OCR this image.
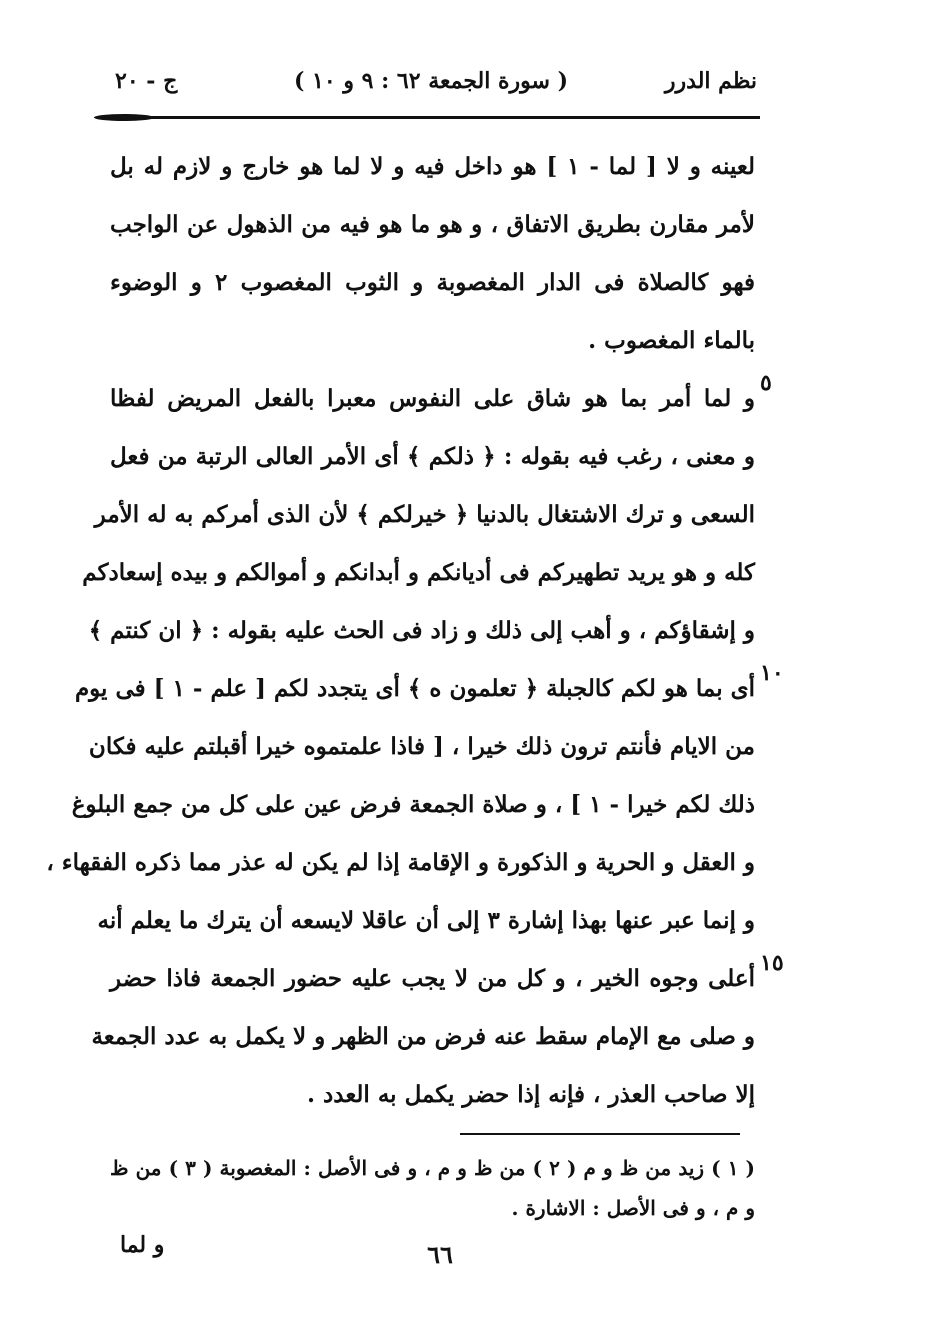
نظم الدرر
( سورة الجمعة ٦٢ : ٩ و ١٠ )
ج - ٢٠
لعينه و لا [ لما - ١ ] هو داخل فيه و لا لما هو خارج و لازم له بل
لأمر مقارن بطريق الاتفاق ، و هو ما هو فيه من الذهول عن الواجب
فهو كالصلاة فى الدار المغصوبة و الثوب المغصوب ٢ و الوضوء
بالماء المغصوب .
و لما أمر بما هو شاق على النفوس معبرا بالفعل المريض لفظا
و معنى ، رغب فيه بقوله : ﴿ ذلكم ﴾ أى الأمر العالى الرتبة من فعل
السعى و ترك الاشتغال بالدنيا ﴿ خيرلكم ﴾ لأن الذى أمركم به له الأمر
كله و هو يريد تطهيركم فى أديانكم و أبدانكم و أموالكم و بيده إسعادكم
و إشقاؤكم ، و أهب إلى ذلك و زاد فى الحث عليه بقوله : ﴿ ان كنتم ﴾
أى بما هو لكم كالجبلة ﴿ تعلمون ه ﴾ أى يتجدد لكم [ علم - ١ ] فى يوم
من الايام فأنتم ترون ذلك خيرا ، [ فاذا علمتموه خيرا أقبلتم عليه فكان
ذلك لكم خيرا - ١ ] ، و صلاة الجمعة فرض عين على كل من جمع البلوغ
و العقل و الحرية و الذكورة و الإقامة إذا لم يكن له عذر مما ذكره الفقهاء ،
و إنما عبر عنها بهذا إشارة ٣ إلى أن عاقلا لايسعه أن يترك ما يعلم أنه
أعلى وجوه الخير ، و كل من لا يجب عليه حضور الجمعة فاذا حضر
و صلى مع الإمام سقط عنه فرض من الظهر و لا يكمل به عدد الجمعة
إلا صاحب العذر ، فإنه إذا حضر يكمل به العدد .
٥
١٠
١٥
( ١ ) زيد من ظ و م ( ٢ ) من ظ و م ، و فى الأصل : المغصوبة ( ٣ ) من ظ
و م ، و فى الأصل : الاشارة .
٦٦
و لما
